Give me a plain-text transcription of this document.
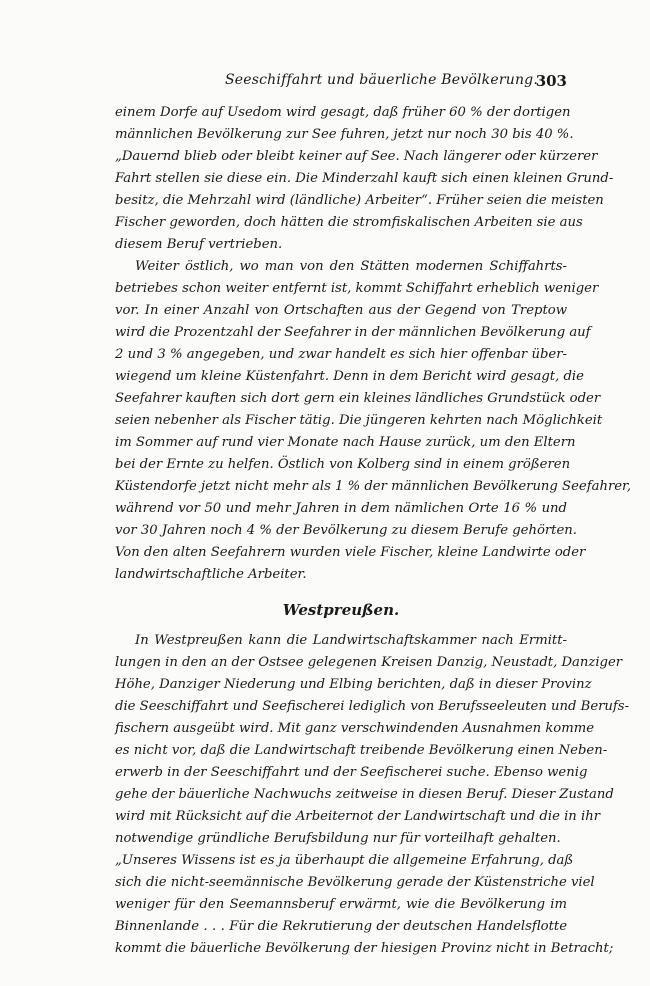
Seeschiffahrt und bäuerliche Bevölkerung.
303
einem Dorfe auf Usedom wird gesagt, daß früher 60 % der dortigen
männlichen Bevölkerung zur See fuhren, jetzt nur noch 30 bis 40 %.
„Dauernd blieb oder bleibt keiner auf See. Nach längerer oder kürzerer
Fahrt stellen sie diese ein. Die Minderzahl kauft sich einen kleinen Grund-
besitz, die Mehrzahl wird (ländliche) Arbeiter“. Früher seien die meisten
Fischer geworden, doch hätten die stromfiskalischen Arbeiten sie aus
diesem Beruf vertrieben.
Weiter östlich, wo man von den Stätten modernen Schiffahrts-
betriebes schon weiter entfernt ist, kommt Schiffahrt erheblich weniger
vor. In einer Anzahl von Ortschaften aus der Gegend von Treptow
wird die Prozentzahl der Seefahrer in der männlichen Bevölkerung auf
2 und 3 % angegeben, und zwar handelt es sich hier offenbar über-
wiegend um kleine Küstenfahrt. Denn in dem Bericht wird gesagt, die
Seefahrer kauften sich dort gern ein kleines ländliches Grundstück oder
seien nebenher als Fischer tätig. Die jüngeren kehrten nach Möglichkeit
im Sommer auf rund vier Monate nach Hause zurück, um den Eltern
bei der Ernte zu helfen. Östlich von Kolberg sind in einem größeren
Küstendorfe jetzt nicht mehr als 1 % der männlichen Bevölkerung Seefahrer,
während vor 50 und mehr Jahren in dem nämlichen Orte 16 % und
vor 30 Jahren noch 4 % der Bevölkerung zu diesem Berufe gehörten.
Von den alten Seefahrern wurden viele Fischer, kleine Landwirte oder
landwirtschaftliche Arbeiter.
Westpreußen.
In Westpreußen kann die Landwirtschaftskammer nach Ermitt-
lungen in den an der Ostsee gelegenen Kreisen Danzig, Neustadt, Danziger
Höhe, Danziger Niederung und Elbing berichten, daß in dieser Provinz
die Seeschiffahrt und Seefischerei lediglich von Berufsseeleuten und Berufs-
fischern ausgeübt wird. Mit ganz verschwindenden Ausnahmen komme
es nicht vor, daß die Landwirtschaft treibende Bevölkerung einen Neben-
erwerb in der Seeschiffahrt und der Seefischerei suche. Ebenso wenig
gehe der bäuerliche Nachwuchs zeitweise in diesen Beruf. Dieser Zustand
wird mit Rücksicht auf die Arbeiternot der Landwirtschaft und die in ihr
notwendige gründliche Berufsbildung nur für vorteilhaft gehalten.
„Unseres Wissens ist es ja überhaupt die allgemeine Erfahrung, daß
sich die nicht-seemännische Bevölkerung gerade der Küstenstriche viel
weniger für den Seemannsberuf erwärmt, wie die Bevölkerung im
Binnenlande . . . Für die Rekrutierung der deutschen Handelsflotte
kommt die bäuerliche Bevölkerung der hiesigen Provinz nicht in Betracht;
